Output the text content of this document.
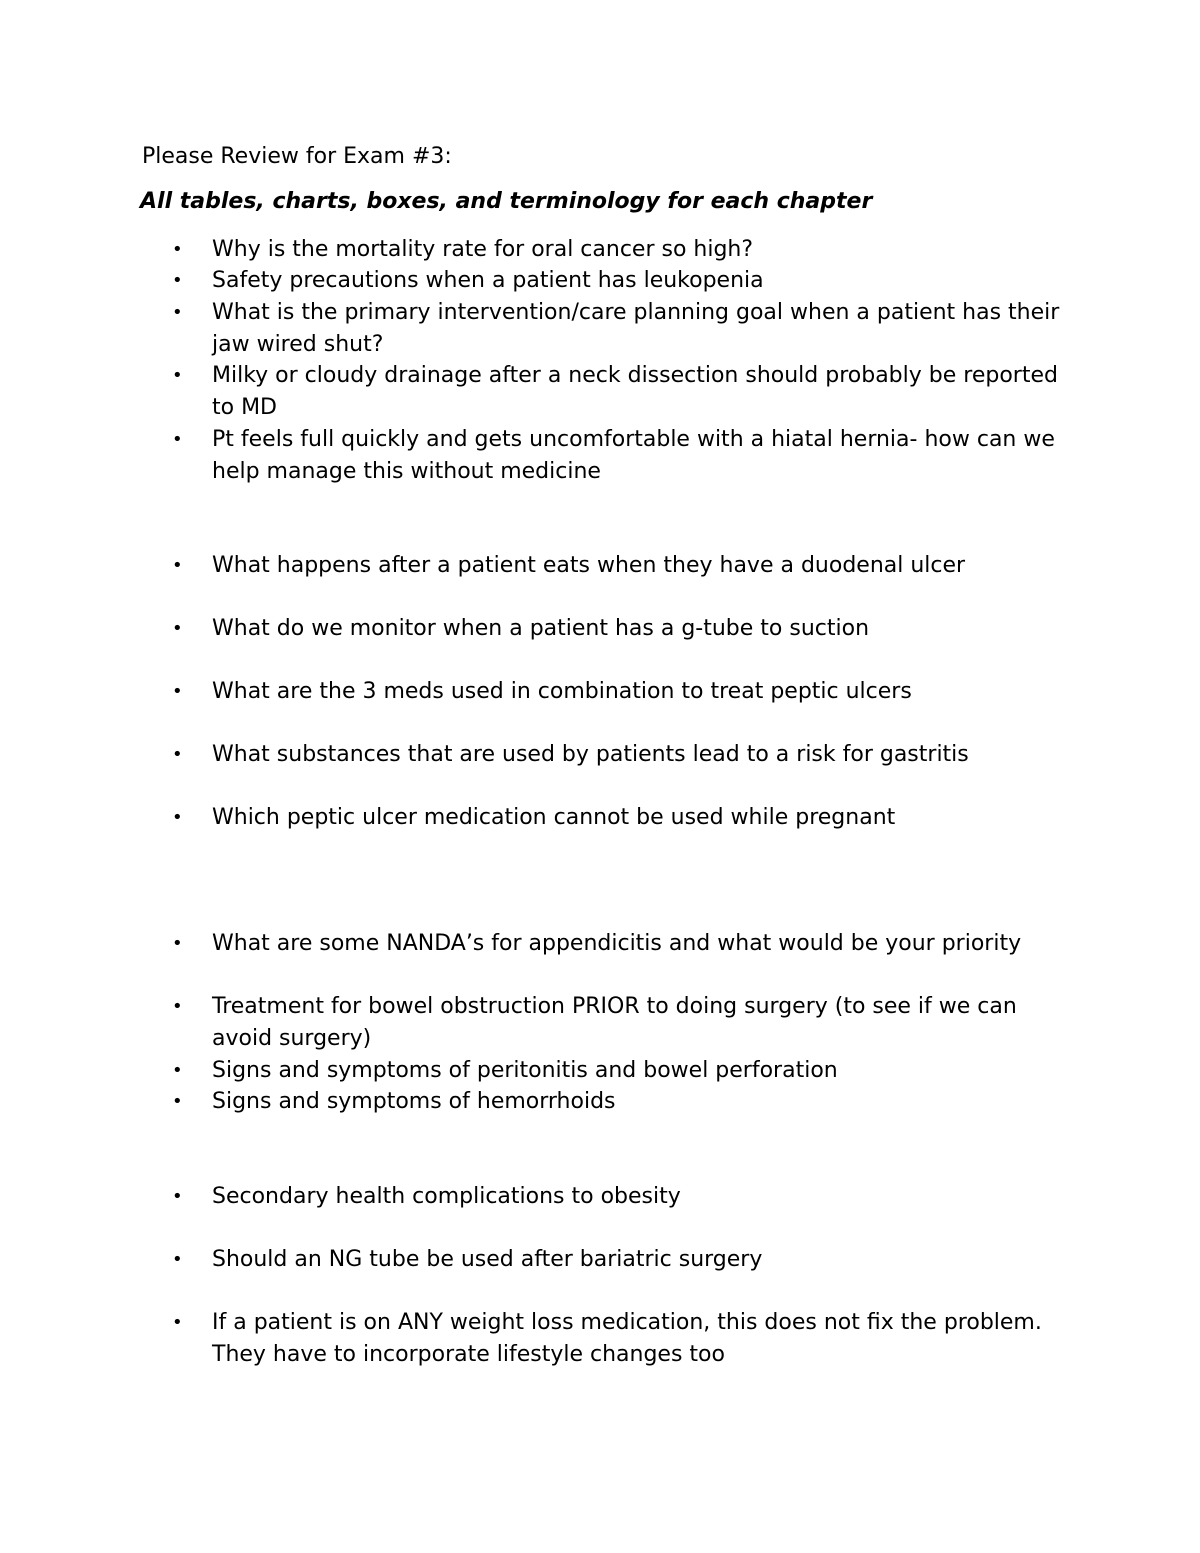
Please Review for Exam #3:
All tables, charts, boxes, and terminology for each chapter
• Why is the mortality rate for oral cancer so high?
• Safety precautions when a patient has leukopenia
• What is the primary intervention/care planning goal when a patient has their jaw wired shut?
• Milky or cloudy drainage after a neck dissection should probably be reported to MD
• Pt feels full quickly and gets uncomfortable with a hiatal hernia- how can we help manage this without medicine
• What happens after a patient eats when they have a duodenal ulcer
• What do we monitor when a patient has a g-tube to suction
• What are the 3 meds used in combination to treat peptic ulcers
• What substances that are used by patients lead to a risk for gastritis
• Which peptic ulcer medication cannot be used while pregnant
• What are some NANDA’s for appendicitis and what would be your priority
• Treatment for bowel obstruction PRIOR to doing surgery (to see if we can avoid surgery)
• Signs and symptoms of peritonitis and bowel perforation
• Signs and symptoms of hemorrhoids
• Secondary health complications to obesity
• Should an NG tube be used after bariatric surgery
• If a patient is on ANY weight loss medication, this does not fix the problem. They have to incorporate lifestyle changes too
